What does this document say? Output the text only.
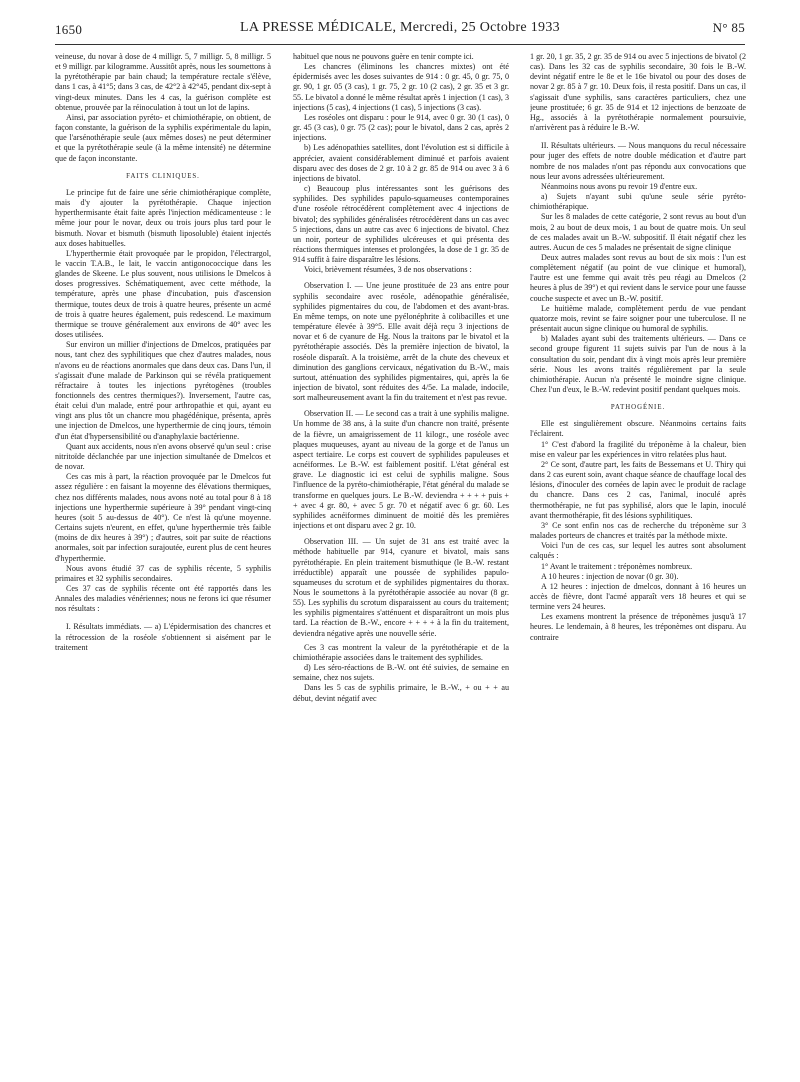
1650	LA PRESSE MÉDICALE, Mercredi, 25 Octobre 1933	N° 85

veineuse, du novar à dose de 4 milligr. 5, 7 milligr. 5, 8 milligr. 5 et 9 milligr. par kilogramme. Aussitôt après, nous les soumettons à la pyrétothérapie par bain chaud; la température rectale s'élève, dans 1 cas, à 41°5; dans 3 cas, de 42°2 à 42°45, pendant dix-sept à vingt-deux minutes. Dans les 4 cas, la guérison complète est obtenue, prouvée par la réinoculation à tout un lot de lapins.

Ainsi, par association pyréto- et chimiothérapie, on obtient, de façon constante, la guérison de la syphilis expérimentale du lapin, que l'arsénothérapie seule (aux mêmes doses) ne peut déterminer et que la pyrétothérapie seule (à la même intensité) ne détermine que de façon inconstante.

FAITS CLINIQUES.

Le principe fut de faire une série chimiothérapique complète, mais d'y ajouter la pyrétothérapie. Chaque injection hyperthermisante était faite après l'injection médicamenteuse : le même jour pour le novar, deux ou trois jours plus tard pour le bismuth. Novar et bismuth (bismuth liposoluble) étaient injectés aux doses habituelles.

L'hyperthermie était provoquée par le propidon, l'électrargol, le vaccin T.A.B., le lait, le vaccin antigonococcique dans les glandes de Skeene. Le plus souvent, nous utilisions le Dmelcos à doses progressives. Schématiquement, avec cette méthode, la température, après une phase d'incubation, puis d'ascension thermique, toutes deux de trois à quatre heures, présente un acmé de trois à quatre heures également, puis redescend. Le maximum thermique se trouve généralement aux environs de 40° avec les doses utilisées.

Sur environ un millier d'injections de Dmelcos, pratiquées par nous, tant chez des syphilitiques que chez d'autres malades, nous n'avons eu de réactions anormales que dans deux cas. Dans l'un, il s'agissait d'une malade de Parkinson qui se révéla pratiquement réfractaire à toutes les injections pyrétogènes (troubles fonctionnels des centres thermiques?). Inversement, l'autre cas, était celui d'un malade, entré pour arthropathie et qui, ayant eu vingt ans plus tôt un chancre mou phagédénique, présenta, après une injection de Dmelcos, une hyperthermie de cinq jours, témoin d'un état d'hypersensibilité ou d'anaphylaxie bactérienne.

Quant aux accidents, nous n'en avons observé qu'un seul : crise nitritoïde déclanchée par une injection simultanée de Dmelcos et de novar.

Ces cas mis à part, la réaction provoquée par le Dmelcos fut assez régulière : en faisant la moyenne des élévations thermiques, chez nos différents malades, nous avons noté au total pour 8 à 18 injections une hyperthermie supérieure à 39° pendant vingt-cinq heures (soit 5 au-dessus de 40°). Ce n'est là qu'une moyenne. Certains sujets n'eurent, en effet, qu'une hyperthermie très faible (moins de dix heures à 39°) ; d'autres, soit par suite de réactions anormales, soit par infection surajoutée, eurent plus de cent heures d'hyperthermie.

Nous avons étudié 37 cas de syphilis récente, 5 syphilis primaires et 32 syphilis secondaires.

Ces 37 cas de syphilis récente ont été rapportés dans les Annales des maladies vénériennes; nous ne ferons ici que résumer nos résultats :

I. Résultats immédiats. — a) L'épidermisation des chancres et la rétrocession de la roséole s'obtiennent si aisément par le traitement

habituel que nous ne pouvons guère en tenir compte ici.

Les chancres (éliminons les chancres mixtes) ont été épidermisés avec les doses suivantes de 914 : 0 gr. 45, 0 gr. 75, 0 gr. 90, 1 gr. 05 (3 cas), 1 gr. 75, 2 gr. 10 (2 cas), 2 gr. 35 et 3 gr. 55. Le bivatol a donné le même résultat après 1 injection (1 cas), 3 injections (5 cas), 4 injections (1 cas), 5 injections (3 cas).

Les roséoles ont disparu : pour le 914, avec 0 gr. 30 (1 cas), 0 gr. 45 (3 cas), 0 gr. 75 (2 cas); pour le bivatol, dans 2 cas, après 2 injections.

b) Les adénopathies satellites, dont l'évolution est si difficile à apprécier, avaient considérablement diminué et parfois avaient disparu avec des doses de 2 gr. 10 à 2 gr. 85 de 914 ou avec 3 à 6 injections de bivatol.

c) Beaucoup plus intéressantes sont les guérisons des syphilides. Des syphilides papulo-squameuses contemporaines d'une roséole rétrocédèrent complètement avec 4 injections de bivatol; des syphilides généralisées rétrocédèrent dans un cas avec 5 injections, dans un autre cas avec 6 injections de bivatol. Chez un noir, porteur de syphilides ulcéreuses et qui présenta des réactions thermiques intenses et prolongées, la dose de 1 gr. 35 de 914 suffit à faire disparaître les lésions.

Voici, brièvement résumées, 3 de nos observations :

Observation I. — Une jeune prostituée de 23 ans entre pour syphilis secondaire avec roséole, adénopathie généralisée, syphilides pigmentaires du cou, de l'abdomen et des avant-bras. En même temps, on note une pyélonéphrite à colibacilles et une température élevée à 39°5. Elle avait déjà reçu 3 injections de novar et 6 de cyanure de Hg. Nous la traitons par le bivatol et la pyrétothérapie associés. Dès la première injection de bivatol, la roséole disparaît. A la troisième, arrêt de la chute des cheveux et diminution des ganglions cervicaux, négativation du B.-W., mais surtout, atténuation des syphilides pigmentaires, qui, après la 6e injection de bivatol, sont réduites des 4/5e. La malade, indocile, sort malheureusement avant la fin du traitement et n'est pas revue.

Observation II. — Le second cas a trait à une syphilis maligne. Un homme de 38 ans, à la suite d'un chancre non traité, présente de la fièvre, un amaigrissement de 11 kilogr., une roséole avec plaques muqueuses, ayant au niveau de la gorge et de l'anus un aspect tertiaire. Le corps est couvert de syphilides papuleuses et acnéiformes. Le B.-W. est faiblement positif. L'état général est grave. Le diagnostic ici est celui de syphilis maligne. Sous l'influence de la pyréto-chimiothérapie, l'état général du malade se transforme en quelques jours. Le B.-W. deviendra + + + + puis + + avec 4 gr. 80, + avec 5 gr. 70 et négatif avec 6 gr. 60. Les syphilides acnéiformes diminuent de moitié dès les premières injections et ont disparu avec 2 gr. 10.

Observation III. — Un sujet de 31 ans est traité avec la méthode habituelle par 914, cyanure et bivatol, mais sans pyrétothérapie. En plein traitement bismuthique (le B.-W. restant irréductible) apparaît une poussée de syphilides papulo-squameuses du scrotum et de syphilides pigmentaires du thorax. Nous le soumettons à la pyrétothérapie associée au novar (8 gr. 55). Les syphilis du scrotum disparaissent au cours du traitement; les syphilis pigmentaires s'atténuent et disparaîtront un mois plus tard. La réaction de B.-W., encore + + + + à la fin du traitement, deviendra négative après une nouvelle série.

Ces 3 cas montrent la valeur de la pyrétothérapie et de la chimiothérapie associées dans le traitement des syphilides.

d) Les séro-réactions de B.-W. ont été suivies, de semaine en semaine, chez nos sujets.

Dans les 5 cas de syphilis primaire, le B.-W., + ou + + au début, devint négatif avec

1 gr. 20, 1 gr. 35, 2 gr. 35 de 914 ou avec 5 injections de bivatol (2 cas). Dans les 32 cas de syphilis secondaire, 30 fois le B.-W. devint négatif entre le 8e et le 16e bivatol ou pour des doses de novar 2 gr. 85 à 7 gr. 10. Deux fois, il resta positif. Dans un cas, il s'agissait d'une syphilis, sans caractères particuliers, chez une jeune prostituée; 6 gr. 35 de 914 et 12 injections de benzoate de Hg., associés à la pyrétothérapie normalement poursuivie, n'arrivèrent pas à réduire le B.-W.

II. Résultats ultérieurs. — Nous manquons du recul nécessaire pour juger des effets de notre double médication et d'autre part nombre de nos malades n'ont pas répondu aux convocations que nous leur avons adressées ultérieurement.

Néanmoins nous avons pu revoir 19 d'entre eux.

a) Sujets n'ayant subi qu'une seule série pyréto-chimiothérapique.

Sur les 8 malades de cette catégorie, 2 sont revus au bout d'un mois, 2 au bout de deux mois, 1 au bout de quatre mois. Un seul de ces malades avait un B.-W. subpositif. Il était négatif chez les autres. Aucun de ces 5 malades ne présentait de signe clinique

Deux autres malades sont revus au bout de six mois : l'un est complètement négatif (au point de vue clinique et humoral), l'autre est une femme qui avait très peu réagi au Dmelcos (2 heures à plus de 39°) et qui revient dans le service pour une fausse couche suspecte et avec un B.-W. positif.

Le huitième malade, complètement perdu de vue pendant quatorze mois, revint se faire soigner pour une tuberculose. Il ne présentait aucun signe clinique ou humoral de syphilis.

b) Malades ayant subi des traitements ultérieurs. — Dans ce second groupe figurent 11 sujets suivis par l'un de nous à la consultation du soir, pendant dix à vingt mois après leur première série. Nous les avons traités régulièrement par la seule chimiothérapie. Aucun n'a présenté le moindre signe clinique. Chez l'un d'eux, le B.-W. redevint positif pendant quelques mois.

PATHOGÉNIE.

Elle est singulièrement obscure. Néanmoins certains faits l'éclairent.

1° C'est d'abord la fragilité du tréponème à la chaleur, bien mise en valeur par les expériences in vitro relatées plus haut.

2° Ce sont, d'autre part, les faits de Bessemans et U. Thiry qui dans 2 cas eurent soin, avant chaque séance de chauffage local des lésions, d'inoculer des cornées de lapin avec le produit de raclage du chancre. Dans ces 2 cas, l'animal, inoculé après thermothérapie, ne fut pas syphilisé, alors que le lapin, inoculé avant thermothérapie, fit des lésions syphilitiques.

3° Ce sont enfin nos cas de recherche du tréponème sur 3 malades porteurs de chancres et traités par la méthode mixte.

Voici l'un de ces cas, sur lequel les autres sont absolument calqués :

1° Avant le traitement : tréponèmes nombreux.

A 10 heures : injection de novar (0 gr. 30).

A 12 heures : injection de dmelcos, donnant à 16 heures un accès de fièvre, dont l'acmé apparaît vers 18 heures et qui se termine vers 24 heures.

Les examens montrent la présence de tréponèmes jusqu'à 17 heures. Le lendemain, à 8 heures, les tréponèmes ont disparu. Au contraire
